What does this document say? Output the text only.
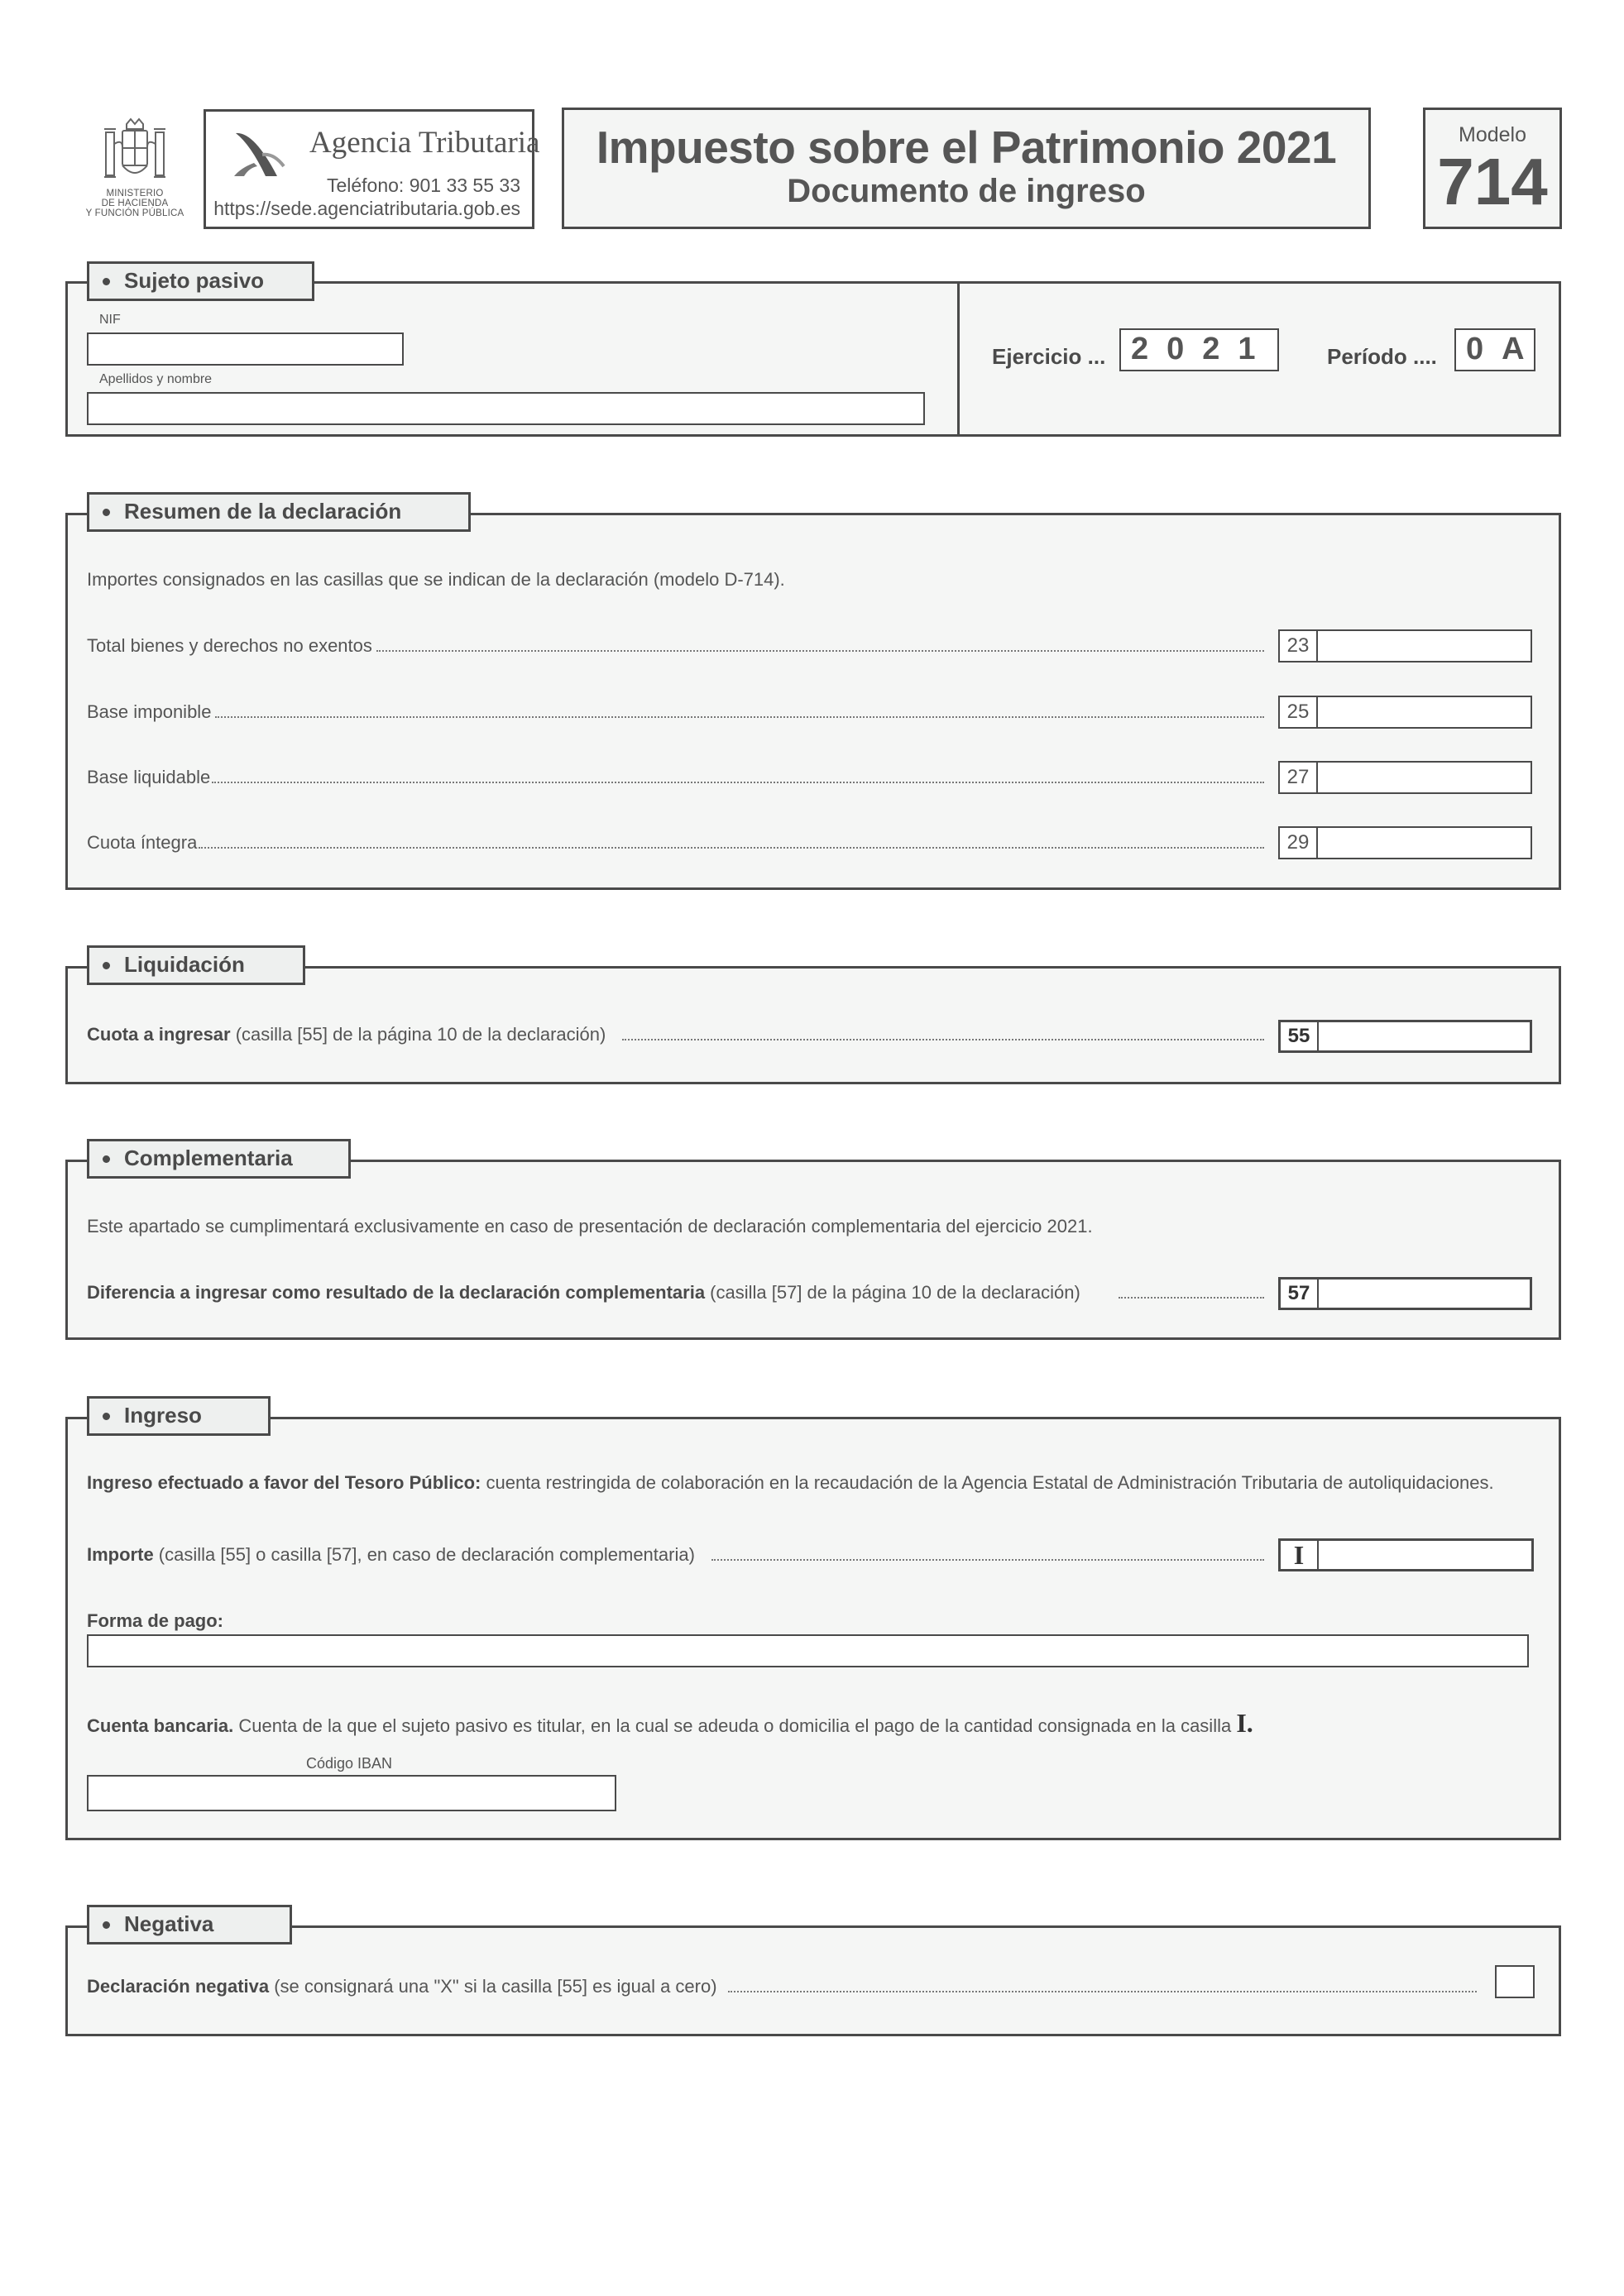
MINISTERIO
DE HACIENDA
Y FUNCIÓN PÚBLICA
Agencia Tributaria
Teléfono: 901 33 55 33
https://sede.agenciatributaria.gob.es
Impuesto sobre el Patrimonio 2021
Documento de ingreso
Modelo
714
Sujeto pasivo
NIF
Apellidos y nombre
Ejercicio ... 2021 Período .... 0A
Resumen de la declaración
Importes consignados en las casillas que se indican de la declaración (modelo D-714).
Total bienes y derechos no exentos	23
Base imponible	25
Base liquidable	27
Cuota íntegra	29
Liquidación
Cuota a ingresar (casilla [55] de la página 10 de la declaración)	55
Complementaria
Este apartado se cumplimentará exclusivamente en caso de presentación de declaración complementaria del ejercicio 2021.
Diferencia a ingresar como resultado de la declaración complementaria (casilla [57] de la página 10 de la declaración)	57
Ingreso
Ingreso efectuado a favor del Tesoro Público: cuenta restringida de colaboración en la recaudación de la Agencia Estatal de Administración Tributaria de autoliquidaciones.
Importe (casilla [55] o casilla [57], en caso de declaración complementaria)	I
Forma de pago:
Cuenta bancaria. Cuenta de la que el sujeto pasivo es titular, en la cual se adeuda o domicilia el pago de la cantidad consignada en la casilla I.
Código IBAN
Negativa
Declaración negativa (se consignará una "X" si la casilla [55] es igual a cero)
